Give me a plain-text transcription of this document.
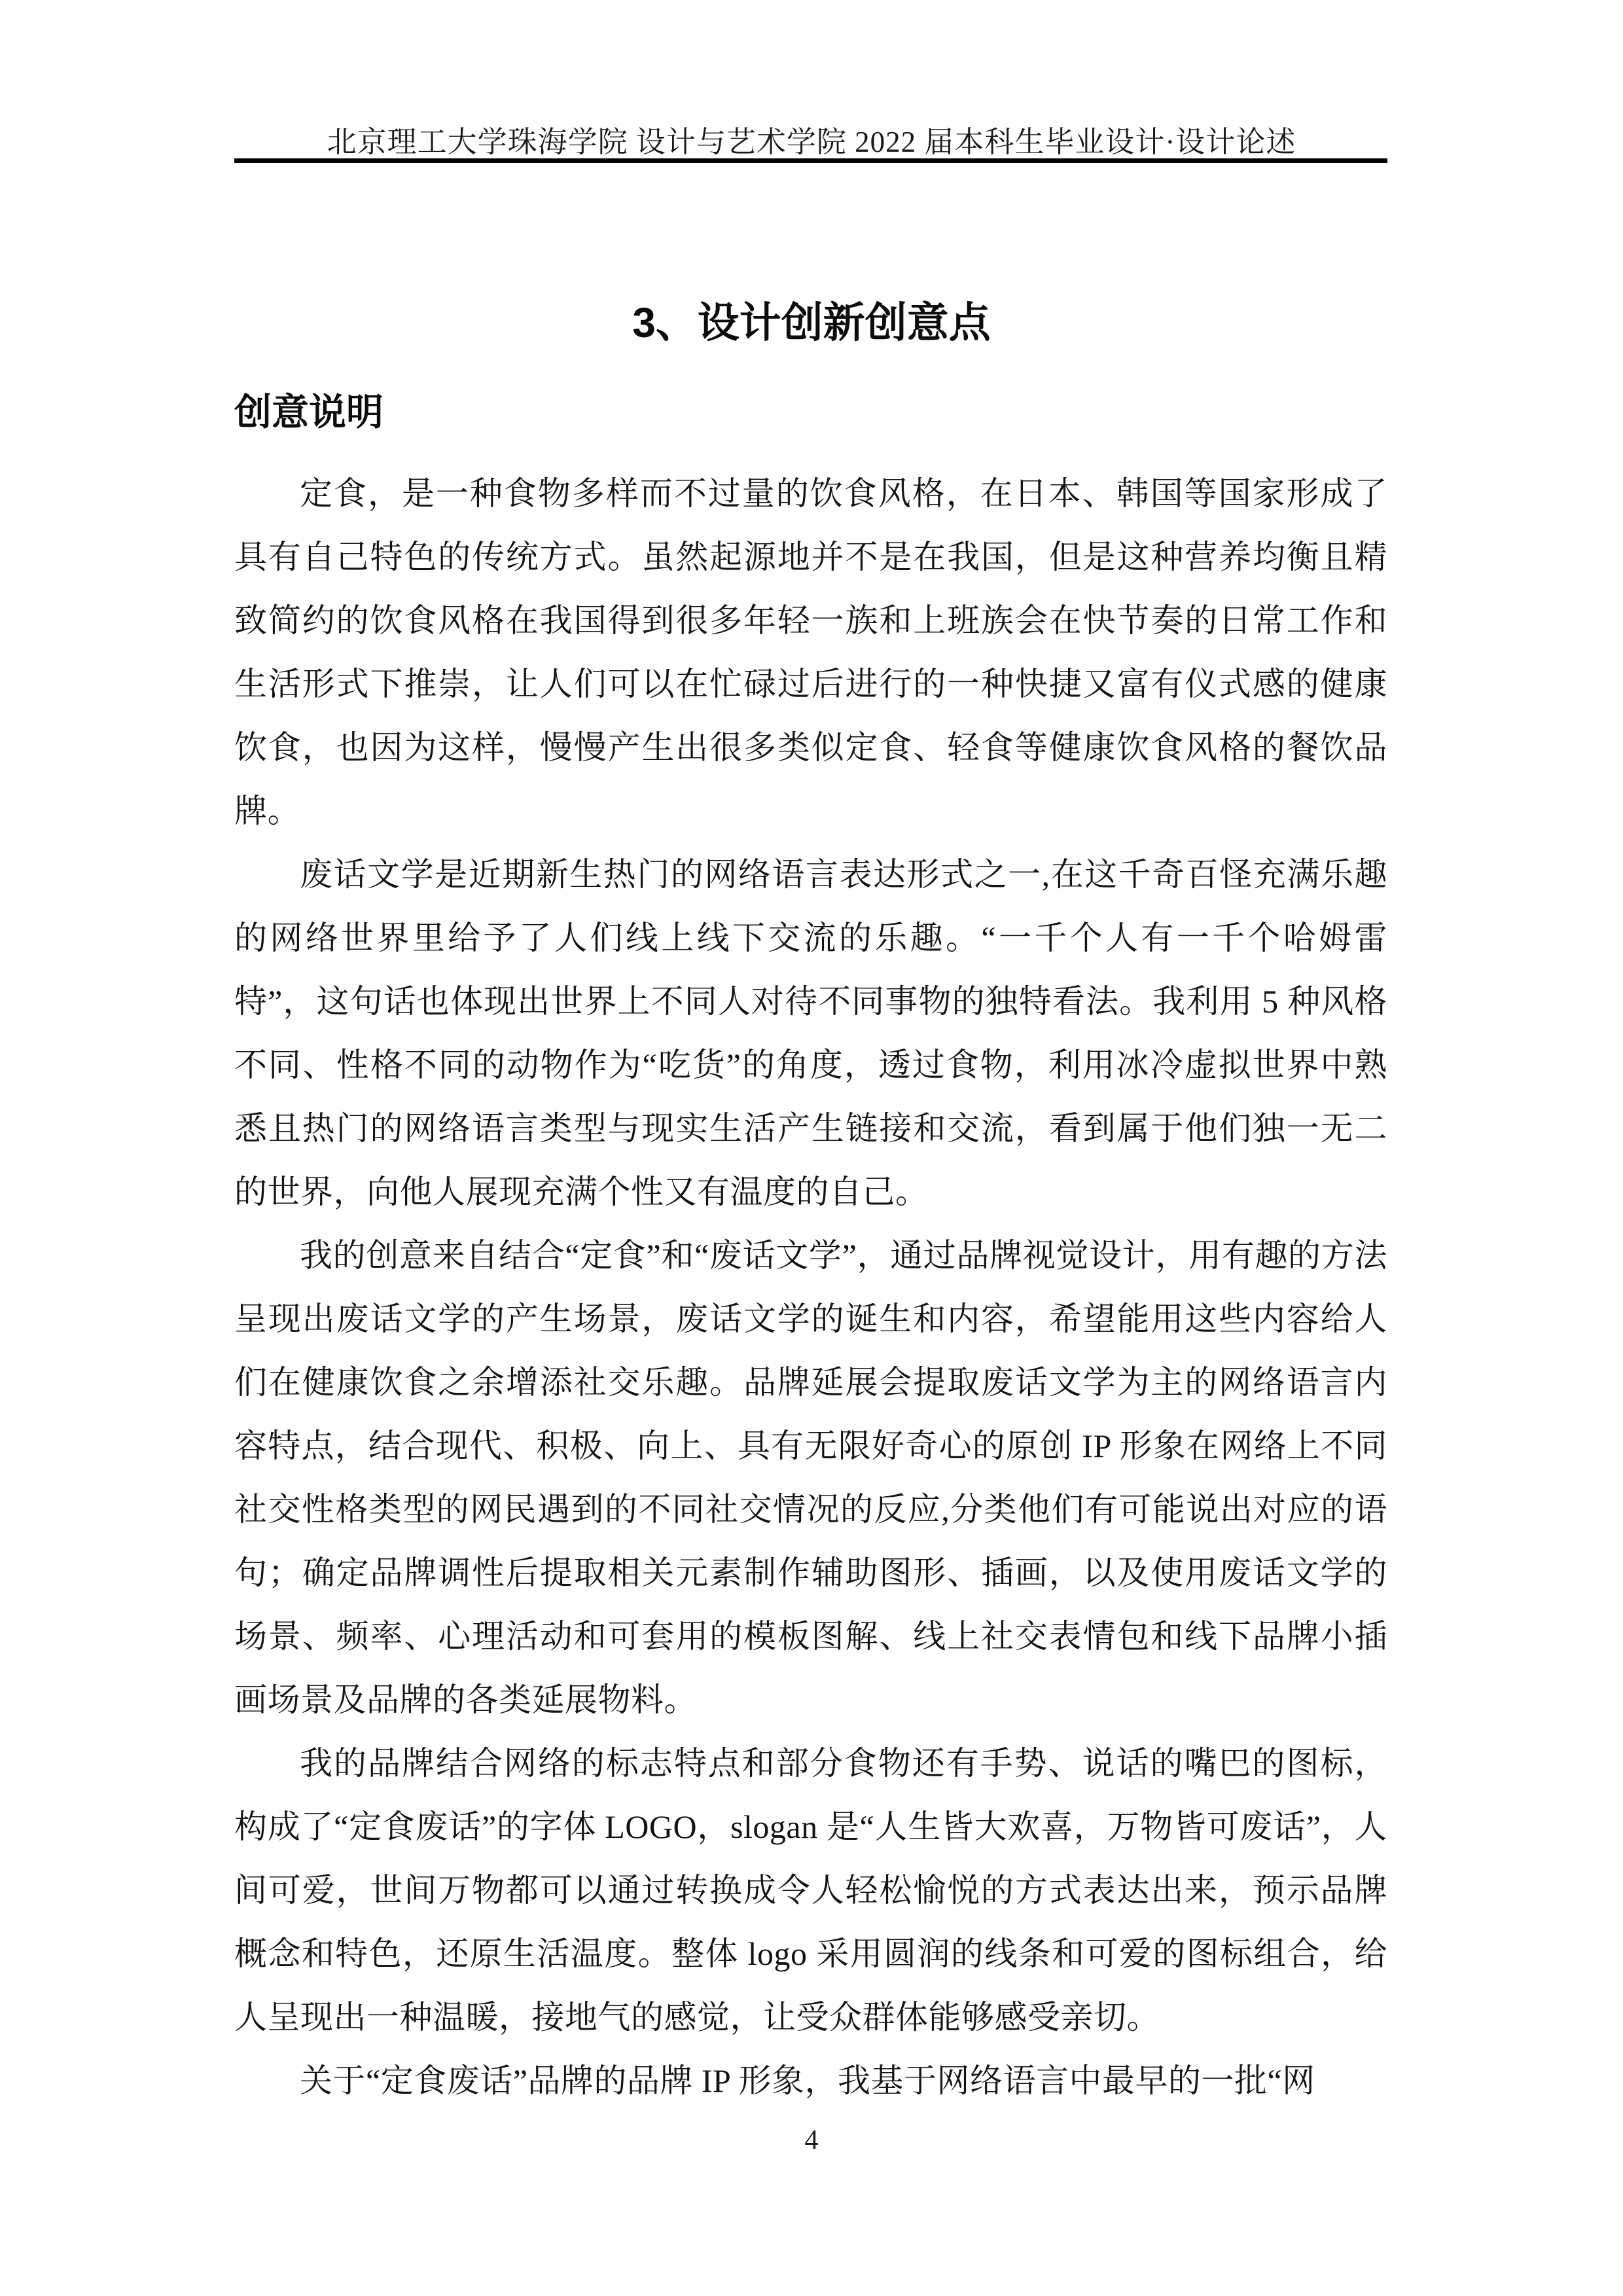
北京理工大学珠海学院 设计与艺术学院 2022 届本科生毕业设计·设计论述
3、设计创新创意点
创意说明

定食，是一种食物多样而不过量的饮食风格，在日本、韩国等国家形成了具有自己特色的传统方式。虽然起源地并不是在我国，但是这种营养均衡且精致简约的饮食风格在我国得到很多年轻一族和上班族会在快节奏的日常工作和生活形式下推崇，让人们可以在忙碌过后进行的一种快捷又富有仪式感的健康饮食，也因为这样，慢慢产生出很多类似定食、轻食等健康饮食风格的餐饮品牌。

废话文学是近期新生热门的网络语言表达形式之一,在这千奇百怪充满乐趣的网络世界里给予了人们线上线下交流的乐趣。“一千个人有一千个哈姆雷特”，这句话也体现出世界上不同人对待不同事物的独特看法。我利用 5 种风格不同、性格不同的动物作为“吃货”的角度，透过食物，利用冰冷虚拟世界中熟悉且热门的网络语言类型与现实生活产生链接和交流，看到属于他们独一无二的世界，向他人展现充满个性又有温度的自己。

我的创意来自结合“定食”和“废话文学”，通过品牌视觉设计，用有趣的方法呈现出废话文学的产生场景，废话文学的诞生和内容，希望能用这些内容给人们在健康饮食之余增添社交乐趣。品牌延展会提取废话文学为主的网络语言内容特点，结合现代、积极、向上、具有无限好奇心的原创 IP 形象在网络上不同社交性格类型的网民遇到的不同社交情况的反应,分类他们有可能说出对应的语句；确定品牌调性后提取相关元素制作辅助图形、插画，以及使用废话文学的场景、频率、心理活动和可套用的模板图解、线上社交表情包和线下品牌小插画场景及品牌的各类延展物料。

我的品牌结合网络的标志特点和部分食物还有手势、说话的嘴巴的图标，构成了“定食废话”的字体 LOGO，slogan 是“人生皆大欢喜，万物皆可废话”，人间可爱，世间万物都可以通过转换成令人轻松愉悦的方式表达出来，预示品牌概念和特色，还原生活温度。整体 logo 采用圆润的线条和可爱的图标组合，给人呈现出一种温暖，接地气的感觉，让受众群体能够感受亲切。

关于“定食废话”品牌的品牌 IP 形象，我基于网络语言中最早的一批“网

4
